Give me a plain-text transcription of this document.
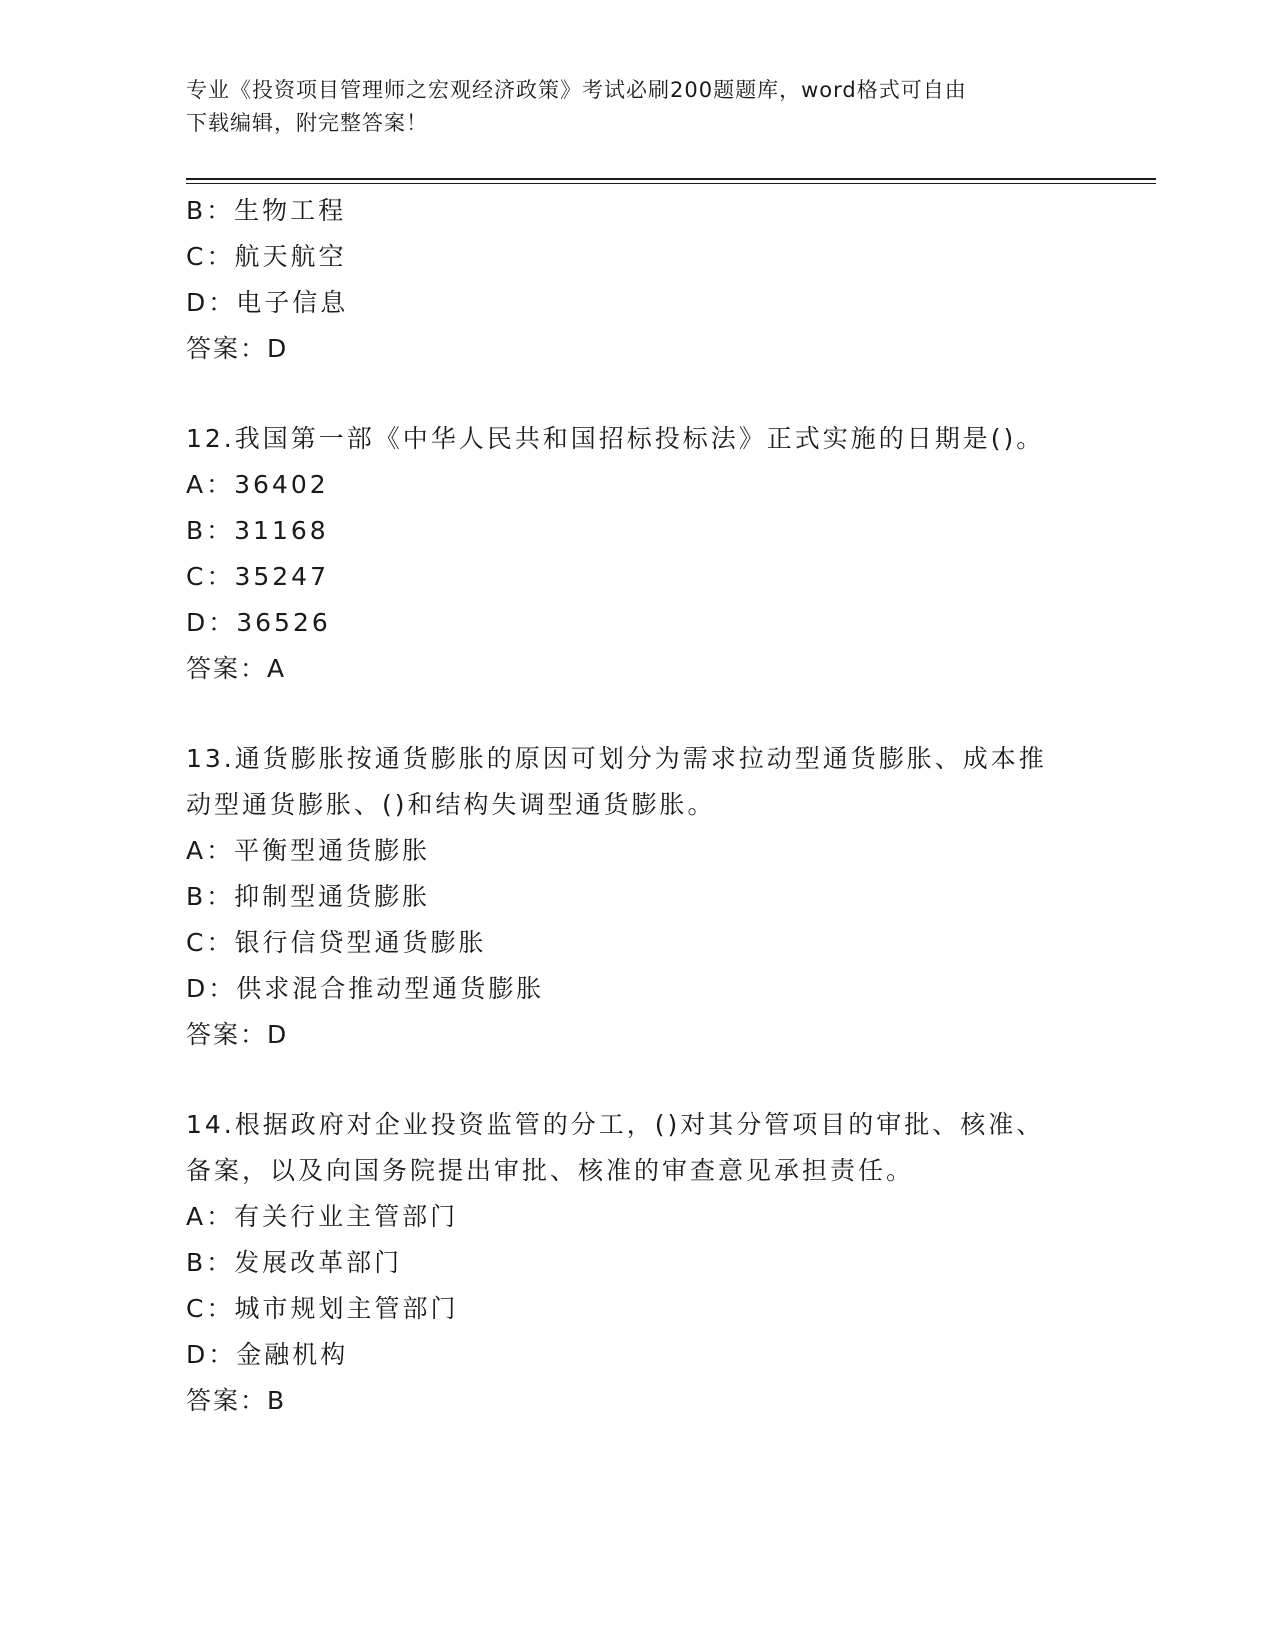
专业《投资项目管理师之宏观经济政策》考试必刷200题题库，word格式可自由
下载编辑，附完整答案！
B：生物工程
C：航天航空
D：电子信息
答案：D
12.我国第一部《中华人民共和国招标投标法》正式实施的日期是()。
A：36402
B：31168
C：35247
D：36526
答案：A
13.通货膨胀按通货膨胀的原因可划分为需求拉动型通货膨胀、成本推
动型通货膨胀、()和结构失调型通货膨胀。
A：平衡型通货膨胀
B：抑制型通货膨胀
C：银行信贷型通货膨胀
D：供求混合推动型通货膨胀
答案：D
14.根据政府对企业投资监管的分工，()对其分管项目的审批、核准、
备案，以及向国务院提出审批、核准的审查意见承担责任。
A：有关行业主管部门
B：发展改革部门
C：城市规划主管部门
D：金融机构
答案：B
